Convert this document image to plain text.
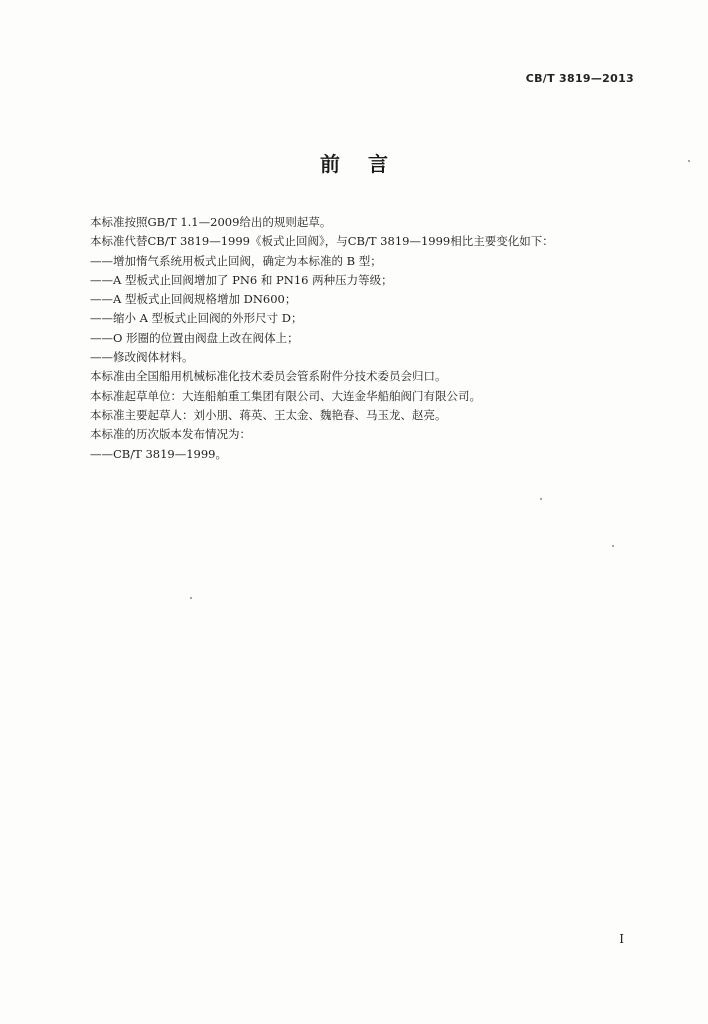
CB/T 3819—2013
前言
本标准按照GB/T 1.1—2009给出的规则起草。
本标准代替CB/T 3819—1999《板式止回阀》，与CB/T 3819—1999相比主要变化如下：
——增加惰气系统用板式止回阀，确定为本标准的 B 型；
——A 型板式止回阀增加了 PN6 和 PN16 两种压力等级；
——A 型板式止回阀规格增加 DN600；
——缩小 A 型板式止回阀的外形尺寸 D；
——O 形圈的位置由阀盘上改在阀体上；
——修改阀体材料。
本标准由全国船用机械标准化技术委员会管系附件分技术委员会归口。
本标准起草单位：大连船舶重工集团有限公司、大连金华船舶阀门有限公司。
本标准主要起草人：刘小朋、蒋英、王太金、魏艳春、马玉龙、赵亮。
本标准的历次版本发布情况为：
——CB/T 3819—1999。
I
